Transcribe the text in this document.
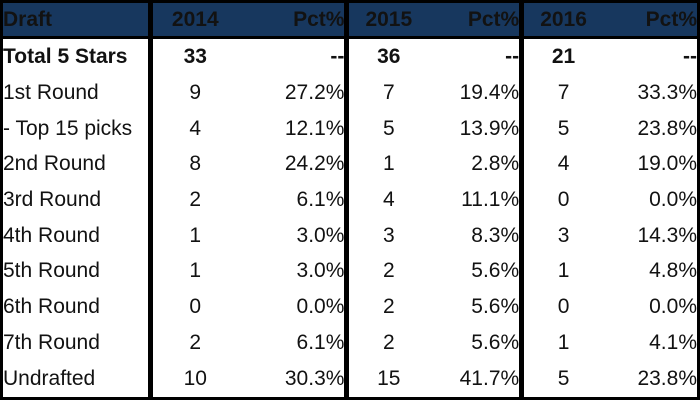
Draft	2014	Pct%	2015	Pct%	2016	Pct%
Total 5 Stars	33	--	36	--	21	--
1st Round	9	27.2%	7	19.4%	7	33.3%
- Top 15 picks	4	12.1%	5	13.9%	5	23.8%
2nd Round	8	24.2%	1	2.8%	4	19.0%
3rd Round	2	6.1%	4	11.1%	0	0.0%
4th Round	1	3.0%	3	8.3%	3	14.3%
5th Round	1	3.0%	2	5.6%	1	4.8%
6th Round	0	0.0%	2	5.6%	0	0.0%
7th Round	2	6.1%	2	5.6%	1	4.1%
Undrafted	10	30.3%	15	41.7%	5	23.8%
